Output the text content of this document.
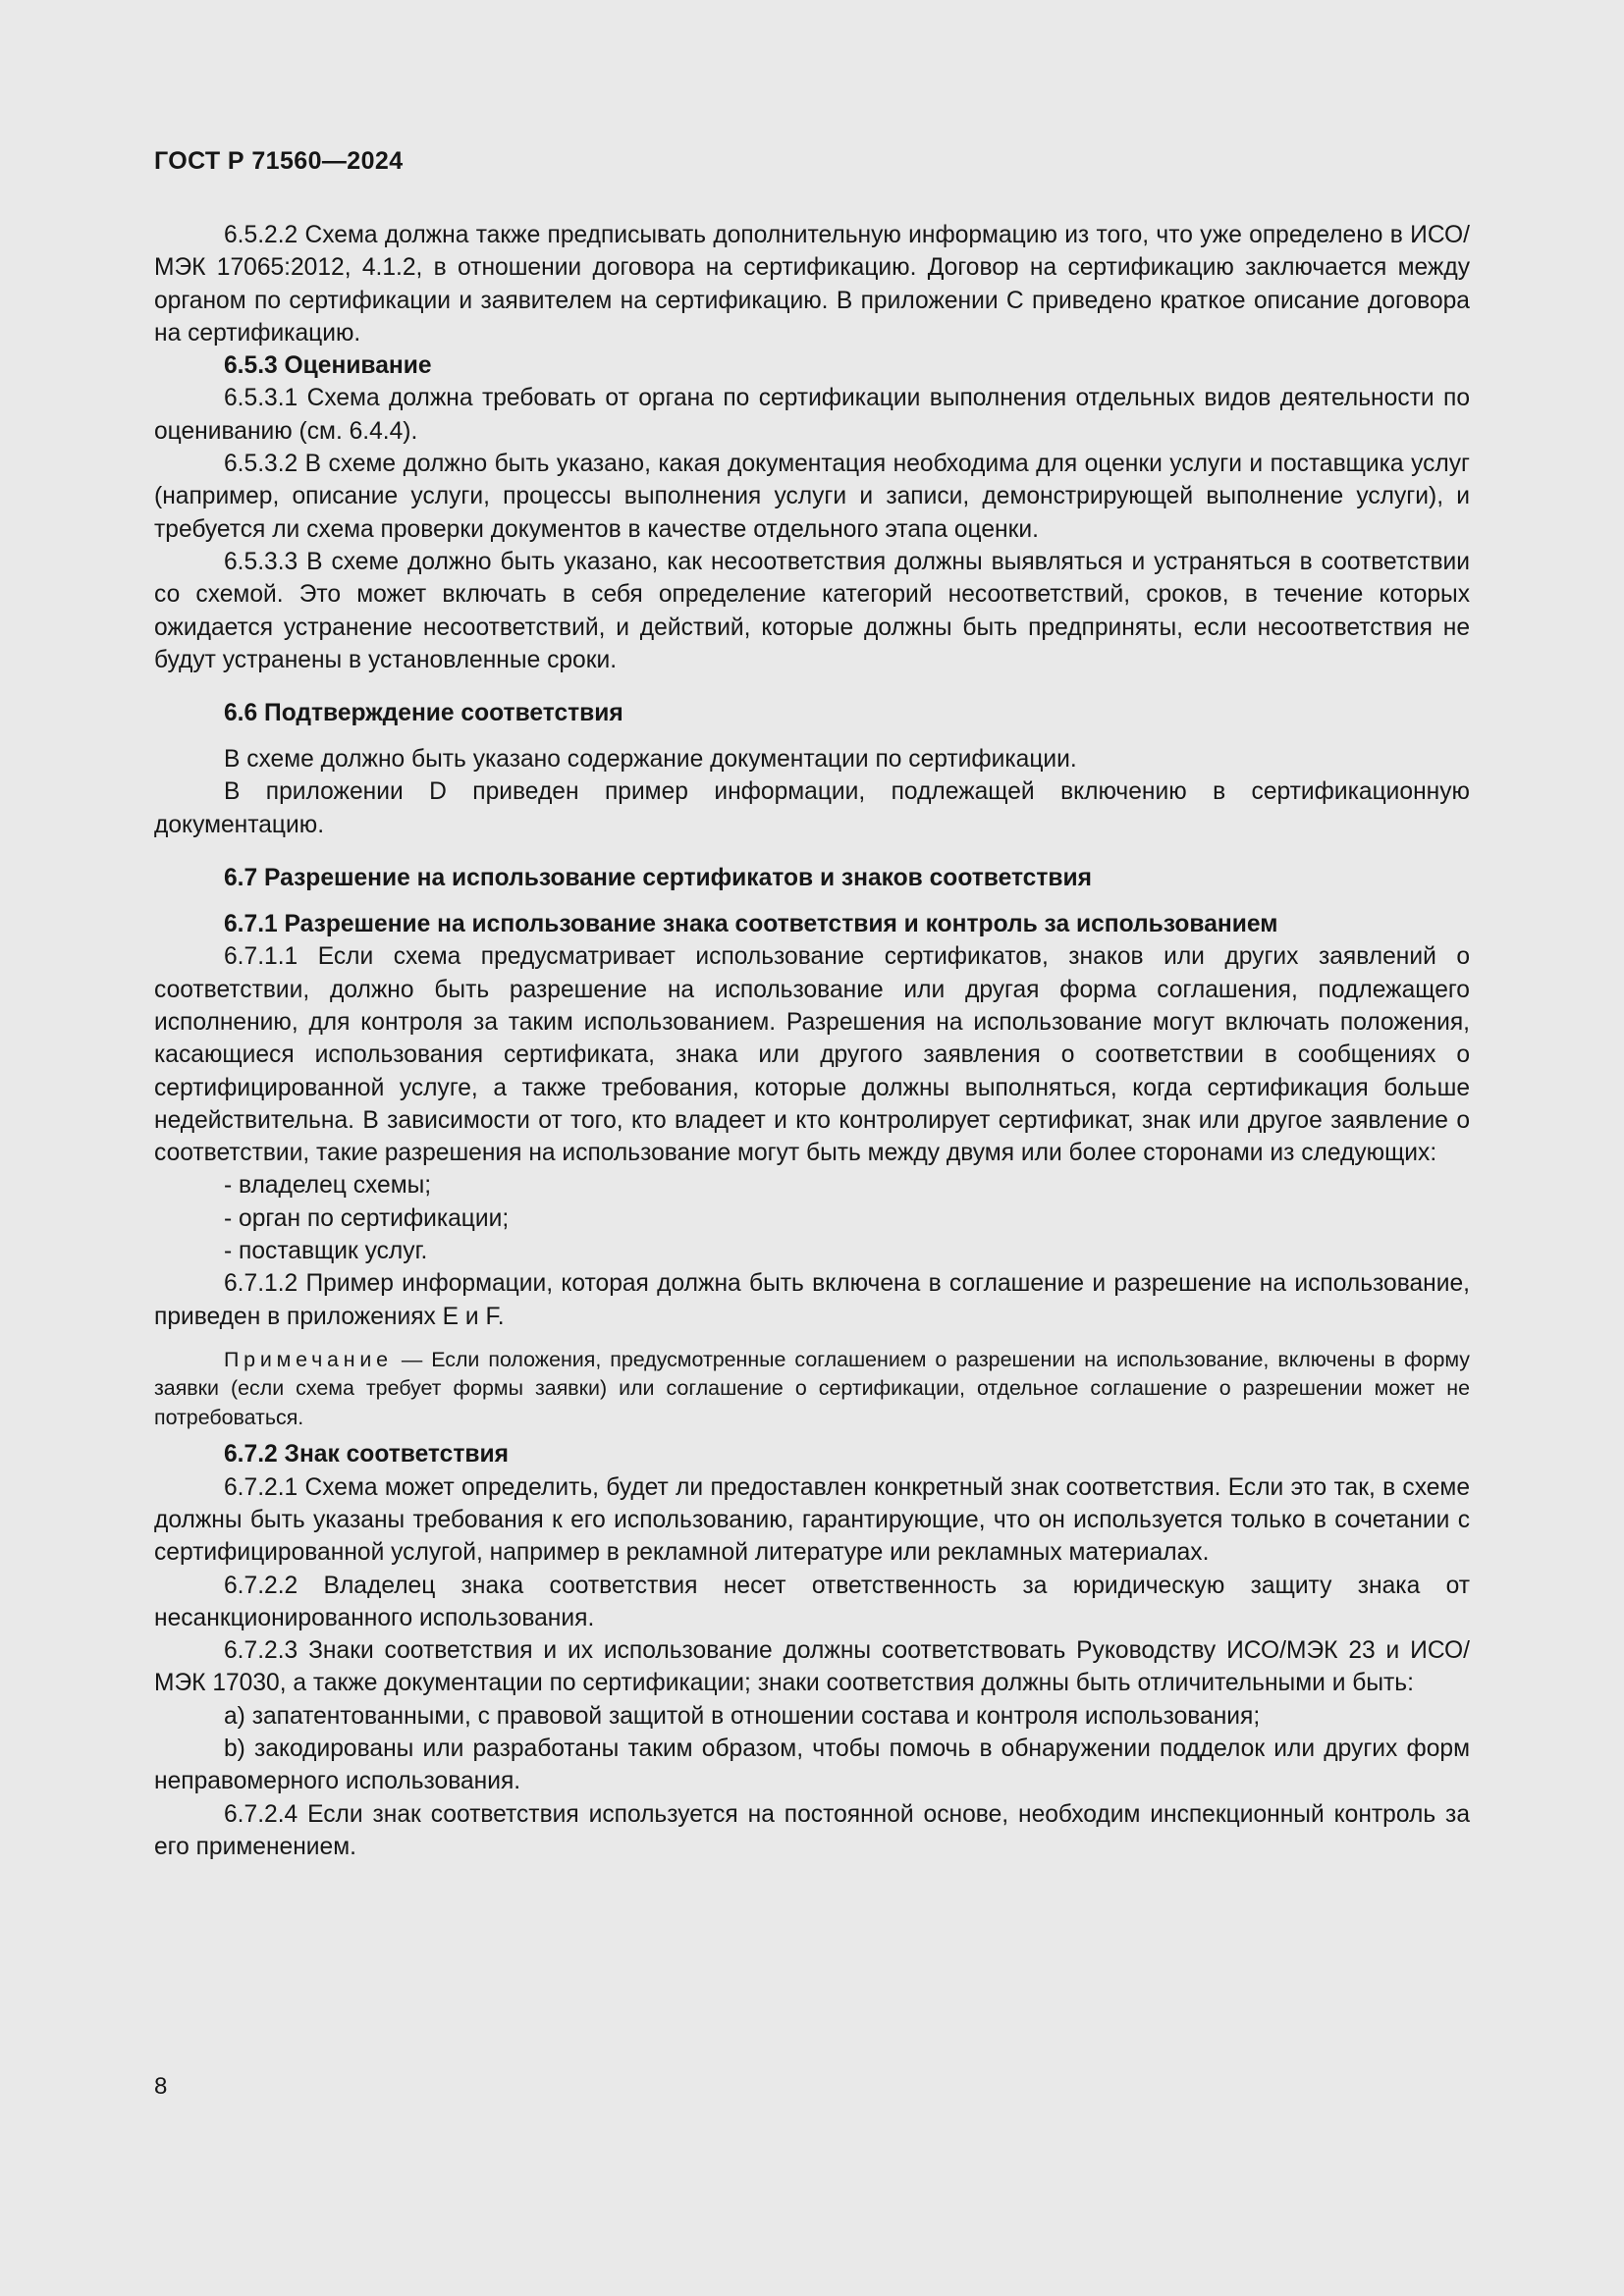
ГОСТ Р 71560—2024

6.5.2.2 Схема должна также предписывать дополнительную информацию из того, что уже определено в ИСО/МЭК 17065:2012, 4.1.2, в отношении договора на сертификацию. Договор на сертификацию заключается между органом по сертификации и заявителем на сертификацию. В приложении С приведено краткое описание договора на сертификацию.

6.5.3 Оценивание

6.5.3.1 Схема должна требовать от органа по сертификации выполнения отдельных видов деятельности по оцениванию (см. 6.4.4).

6.5.3.2 В схеме должно быть указано, какая документация необходима для оценки услуги и поставщика услуг (например, описание услуги, процессы выполнения услуги и записи, демонстрирующей выполнение услуги), и требуется ли схема проверки документов в качестве отдельного этапа оценки.

6.5.3.3 В схеме должно быть указано, как несоответствия должны выявляться и устраняться в соответствии со схемой. Это может включать в себя определение категорий несоответствий, сроков, в течение которых ожидается устранение несоответствий, и действий, которые должны быть предприняты, если несоответствия не будут устранены в установленные сроки.

6.6 Подтверждение соответствия

В схеме должно быть указано содержание документации по сертификации.

В приложении D приведен пример информации, подлежащей включению в сертификационную документацию.

6.7 Разрешение на использование сертификатов и знаков соответствия

6.7.1 Разрешение на использование знака соответствия и контроль за использованием

6.7.1.1 Если схема предусматривает использование сертификатов, знаков или других заявлений о соответствии, должно быть разрешение на использование или другая форма соглашения, подлежащего исполнению, для контроля за таким использованием. Разрешения на использование могут включать положения, касающиеся использования сертификата, знака или другого заявления о соответствии в сообщениях о сертифицированной услуге, а также требования, которые должны выполняться, когда сертификация больше недействительна. В зависимости от того, кто владеет и кто контролирует сертификат, знак или другое заявление о соответствии, такие разрешения на использование могут быть между двумя или более сторонами из следующих:

- владелец схемы;

- орган по сертификации;

- поставщик услуг.

6.7.1.2 Пример информации, которая должна быть включена в соглашение и разрешение на использование, приведен в приложениях Е и F.

Примечание — Если положения, предусмотренные соглашением о разрешении на использование, включены в форму заявки (если схема требует формы заявки) или соглашение о сертификации, отдельное соглашение о разрешении может не потребоваться.

6.7.2 Знак соответствия

6.7.2.1 Схема может определить, будет ли предоставлен конкретный знак соответствия. Если это так, в схеме должны быть указаны требования к его использованию, гарантирующие, что он используется только в сочетании с сертифицированной услугой, например в рекламной литературе или рекламных материалах.

6.7.2.2 Владелец знака соответствия несет ответственность за юридическую защиту знака от несанкционированного использования.

6.7.2.3 Знаки соответствия и их использование должны соответствовать Руководству ИСО/МЭК 23 и ИСО/МЭК 17030, а также документации по сертификации; знаки соответствия должны быть отличительными и быть:

a) запатентованными, с правовой защитой в отношении состава и контроля использования;

b) закодированы или разработаны таким образом, чтобы помочь в обнаружении подделок или других форм неправомерного использования.

6.7.2.4 Если знак соответствия используется на постоянной основе, необходим инспекционный контроль за его применением.

8
